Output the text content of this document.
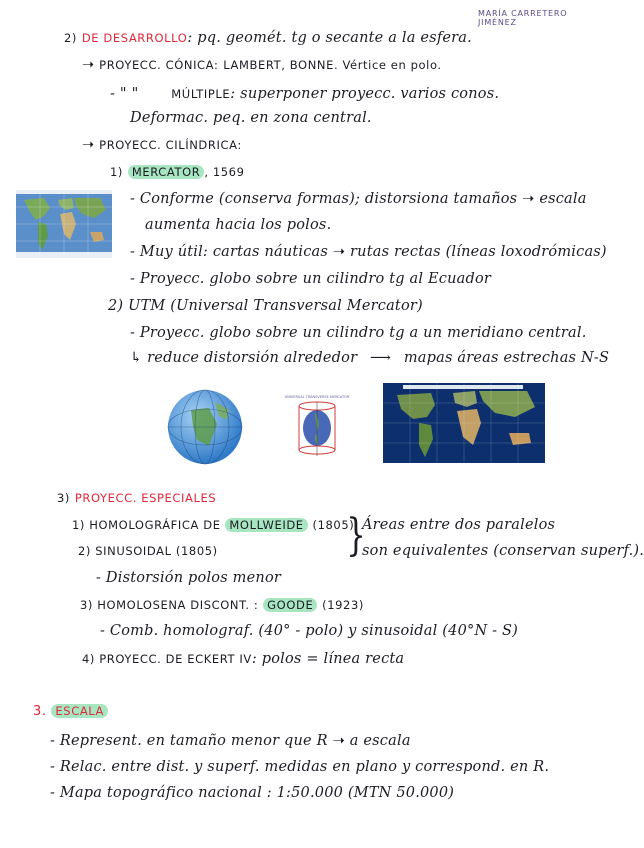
MARÍA CARRETERO JIMÉNEZ
2) DE DESARROLLO: pq. geomét. tg o secante a la esfera.
➝ PROYECC. CÓNICA: LAMBERT, BONNE. Vértice en polo.
- " "	MÚLTIPLE: superponer proyecc. varios conos.
Deformac. peq. en zona central.
➝ PROYECC. CILÍNDRICA:
1) MERCATOR , 1569
- Conforme (conserva formas); distorsiona tamaños ➝ escala
aumenta hacia los polos.
- Muy útil: cartas náuticas ➝ rutas rectas (líneas loxodrómicas)
- Proyecc. globo sobre un cilindro tg al Ecuador
2) UTM (Universal Transversal Mercator)
- Proyecc. globo sobre un cilindro tg a un meridiano central.
↳ reduce distorsión alrededor ⟶ mapas áreas estrechas N-S
UNIVERSAL TRANSVERSE MERCATOR
3) PROYECC. ESPECIALES
1) HOMOLOGRÁFICA DE MOLLWEIDE (1805)
}
Áreas entre dos paralelos
son equivalentes (conservan superf.).
2) SINUSOIDAL (1805)
- Distorsión polos menor
3) HOMOLOSENA DISCONT. : GOODE (1923)
- Comb. homolograf. (40° - polo) y sinusoidal (40°N - S)
4) PROYECC. DE ECKERT IV: polos = línea recta
3. ESCALA
- Represent. en tamaño menor que R ➝ a escala
- Relac. entre dist. y superf. medidas en plano y correspond. en R.
- Mapa topográfico nacional : 1:50.000 (MTN 50.000)
